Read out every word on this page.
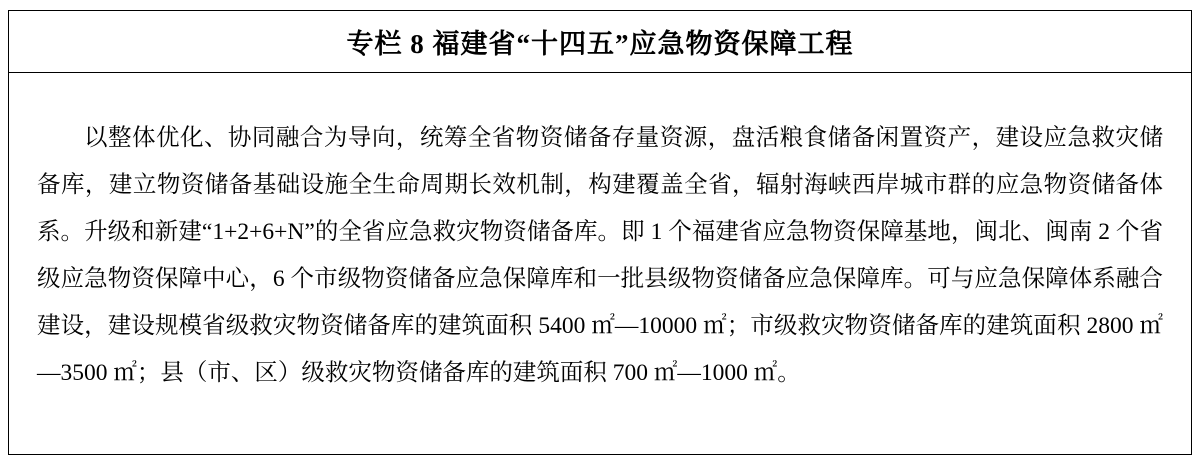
专栏 8 福建省“十四五”应急物资保障工程

以整体优化、协同融合为导向，统筹全省物资储备存量资源，盘活粮食储备闲置资产，建设应急救灾储备库，建立物资储备基础设施全生命周期长效机制，构建覆盖全省，辐射海峡西岸城市群的应急物资储备体系。升级和新建“1+2+6+N”的全省应急救灾物资储备库。即 1 个福建省应急物资保障基地，闽北、闽南 2 个省级应急物资保障中心，6 个市级物资储备应急保障库和一批县级物资储备应急保障库。可与应急保障体系融合建设，建设规模省级救灾物资储备库的建筑面积 5400 ㎡—10000 ㎡；市级救灾物资储备库的建筑面积 2800 ㎡—3500 ㎡；县（市、区）级救灾物资储备库的建筑面积 700 ㎡—1000 ㎡。
